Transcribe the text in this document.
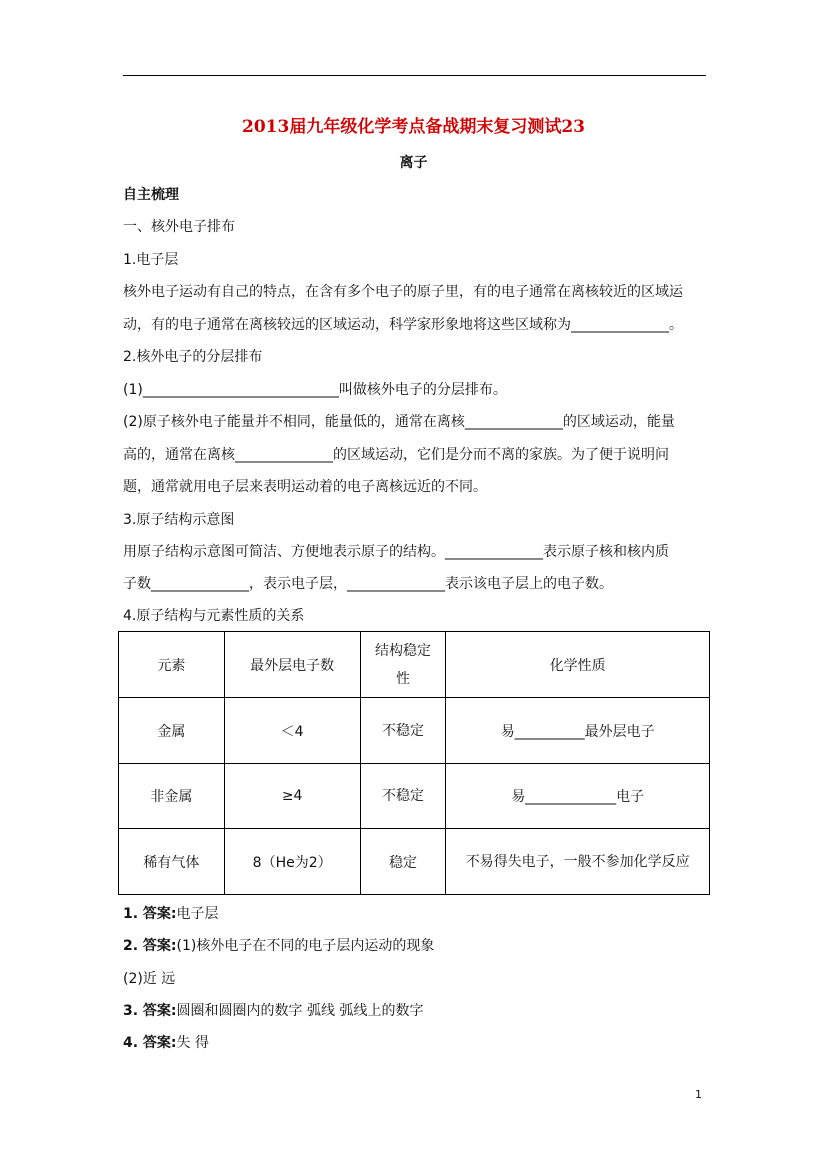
2013届九年级化学考点备战期末复习测试23
离子
自主梳理
一、核外电子排布
1.电子层
核外电子运动有自己的特点，在含有多个电子的原子里，有的电子通常在离核较近的区域运
动，有的电子通常在离核较远的区域运动，科学家形象地将这些区域称为______________。
2.核外电子的分层排布
(1)____________________________叫做核外电子的分层排布。
(2)原子核外电子能量并不相同，能量低的，通常在离核______________的区域运动，能量
高的，通常在离核______________的区域运动，它们是分而不离的家族。为了便于说明问
题，通常就用电子层来表明运动着的电子离核远近的不同。
3.原子结构示意图
用原子结构示意图可简洁、方便地表示原子的结构。______________表示原子核和核内质
子数______________，表示电子层，______________表示该电子层上的电子数。
4.原子结构与元素性质的关系
元素	最外层电子数	结构稳定性	化学性质
金属	＜4	不稳定	易__________最外层电子
非金属	≥4	不稳定	易_____________电子
稀有气体	8（He为2）	稳定	不易得失电子，一般不参加化学反应
1. 答案:电子层
2. 答案:(1)核外电子在不同的电子层内运动的现象
(2)近 远
3. 答案:圆圈和圆圈内的数字 弧线 弧线上的数字
4. 答案:失 得
1
